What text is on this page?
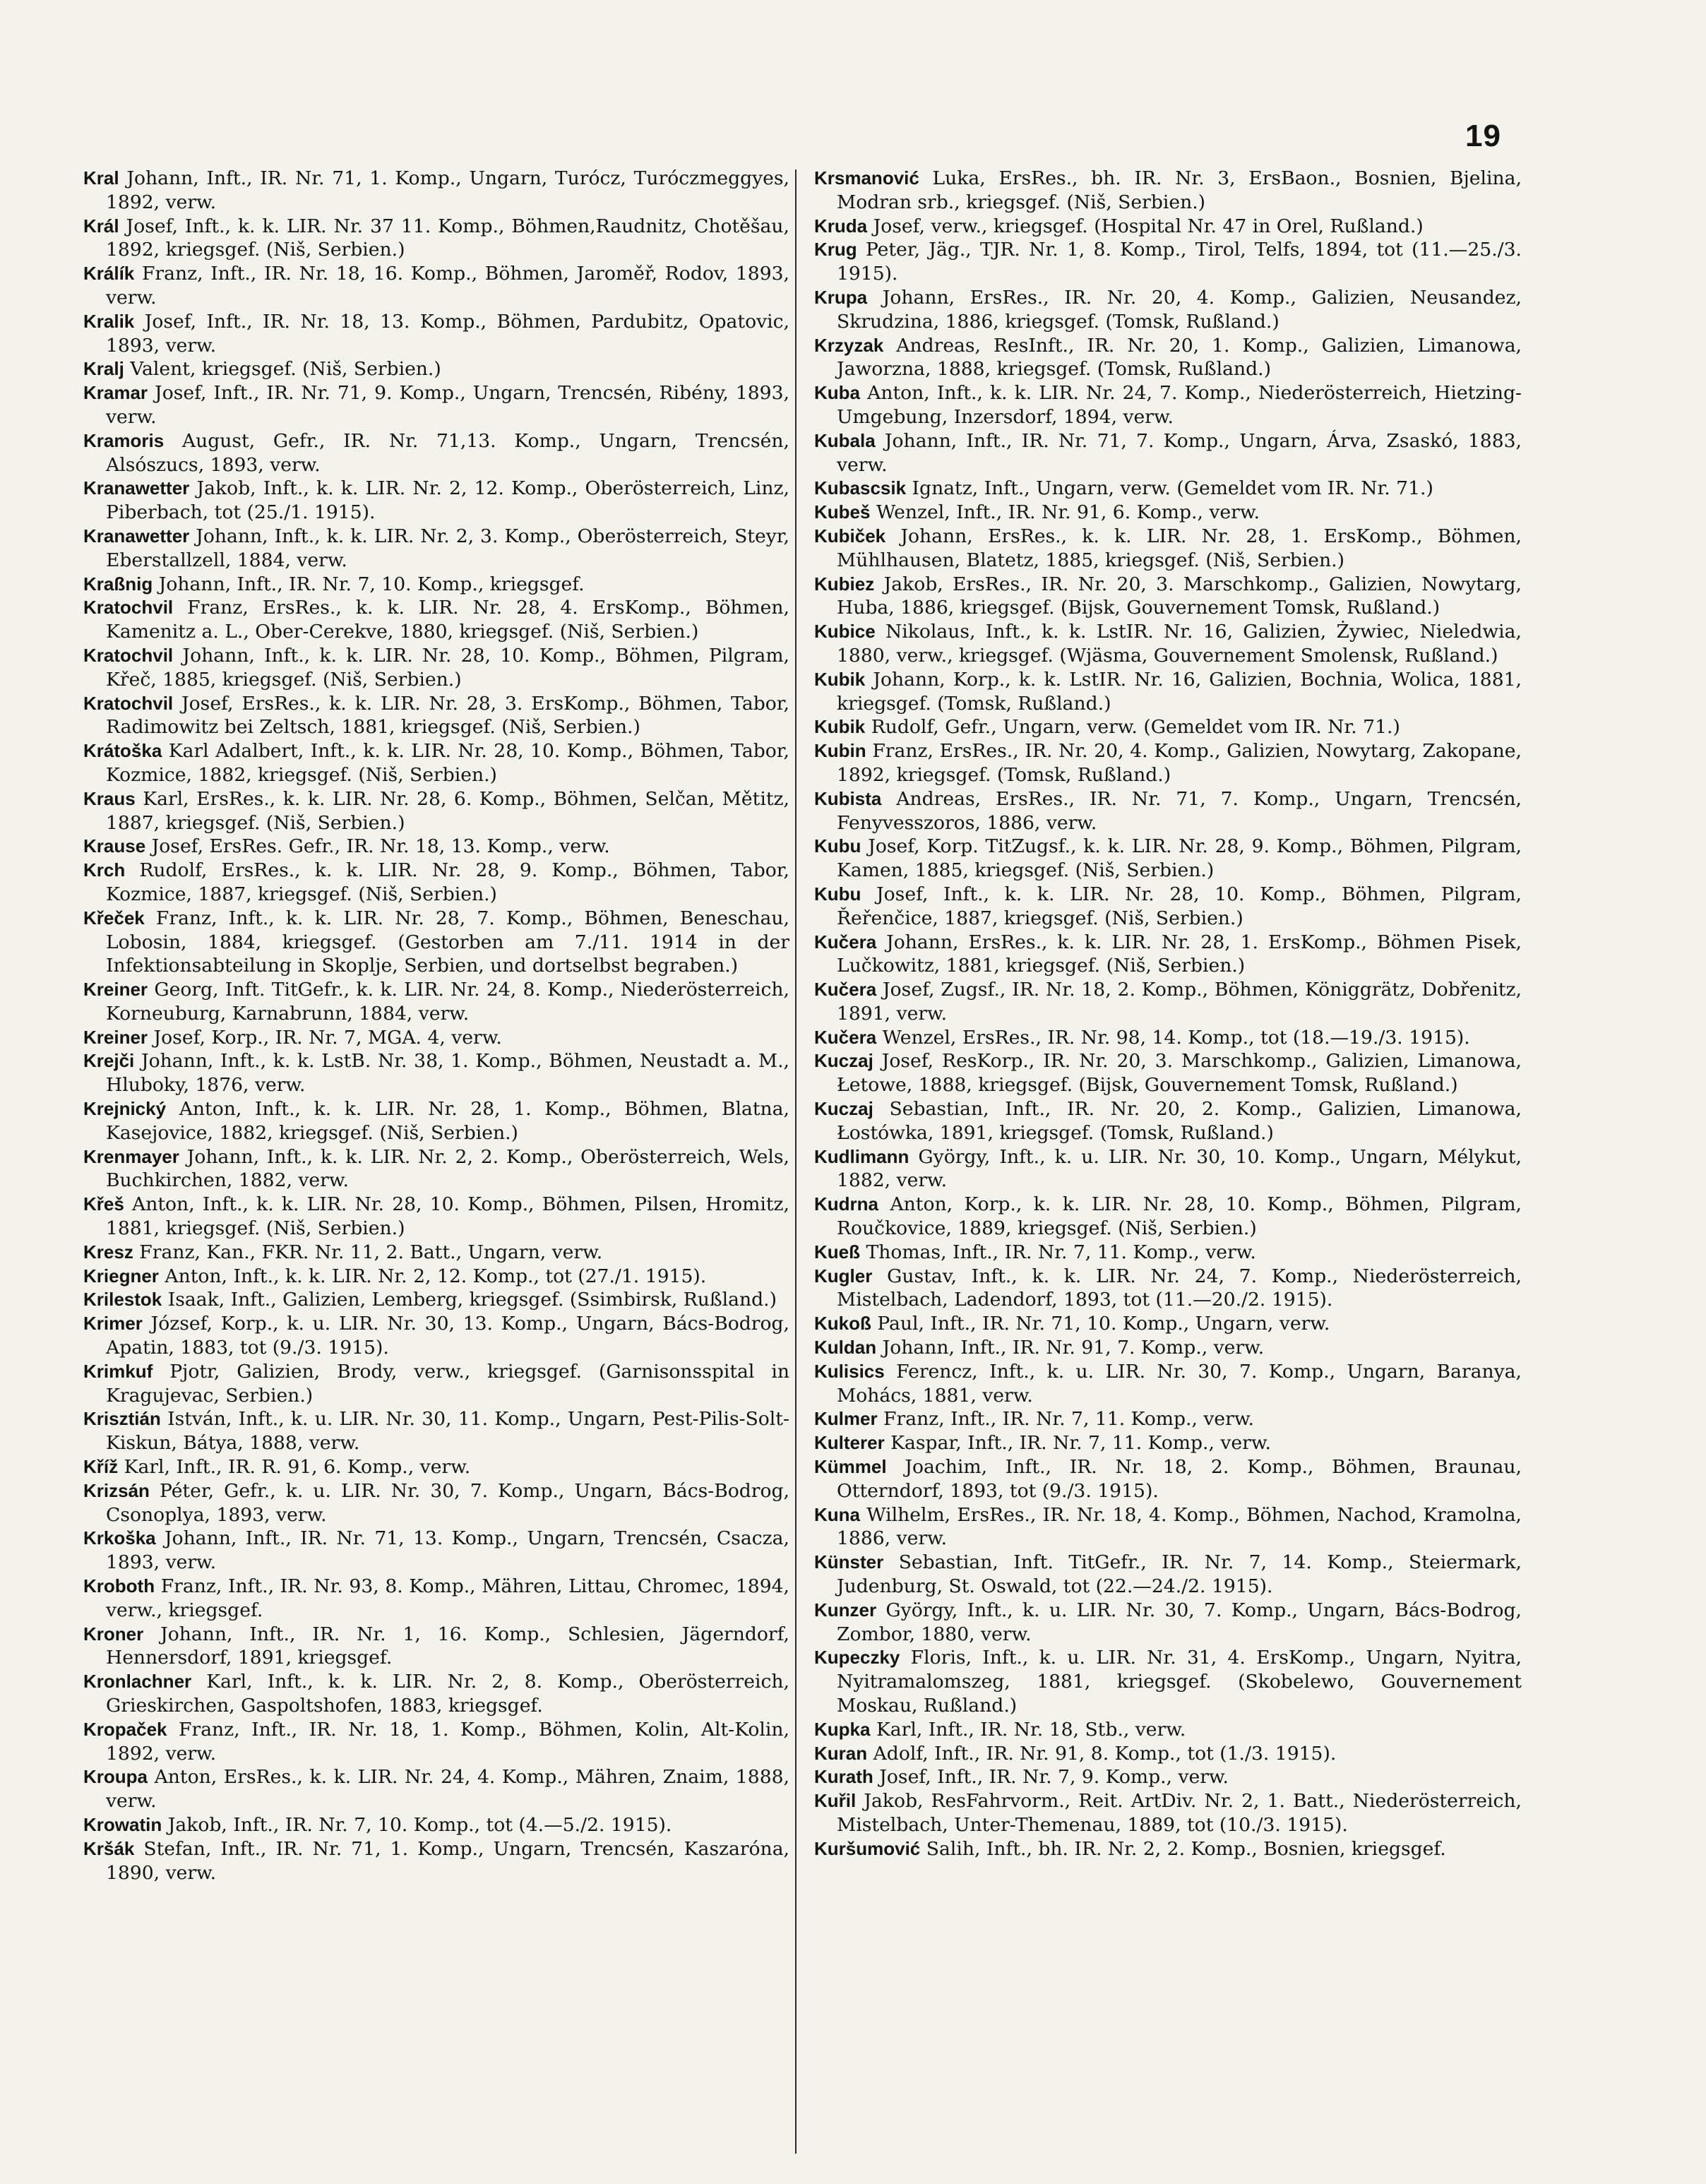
19

Kral Johann, Inft., IR. Nr. 71, 1. Komp., Ungarn, Turócz, Turóczmeggyes, 1892, verw.

Král Josef, Inft., k. k. LIR. Nr. 37 11. Komp., Böhmen,Raudnitz, Chotěšau, 1892, kriegsgef. (Niš, Serbien.)

Králík Franz, Inft., IR. Nr. 18, 16. Komp., Böhmen, Jaroměř, Rodov, 1893, verw.

Kralik Josef, Inft., IR. Nr. 18, 13. Komp., Böhmen, Pardubitz, Opatovic, 1893, verw.

Kralj Valent, kriegsgef. (Niš, Serbien.)

Kramar Josef, Inft., IR. Nr. 71, 9. Komp., Ungarn, Trencsén, Ribény, 1893, verw.

Kramoris August, Gefr., IR. Nr. 71,13. Komp., Ungarn, Trencsén, Alsószucs, 1893, verw.

Kranawetter Jakob, Inft., k. k. LIR. Nr. 2, 12. Komp., Oberösterreich, Linz, Piberbach, tot (25./1. 1915).

Kranawetter Johann, Inft., k. k. LIR. Nr. 2, 3. Komp., Oberösterreich, Steyr, Eberstallzell, 1884, verw.

Kraßnig Johann, Inft., IR. Nr. 7, 10. Komp., kriegsgef.

Kratochvil Franz, ErsRes., k. k. LIR. Nr. 28, 4. ErsKomp., Böhmen, Kamenitz a. L., Ober-Cerekve, 1880, kriegsgef. (Niš, Serbien.)

Kratochvil Johann, Inft., k. k. LIR. Nr. 28, 10. Komp., Böhmen, Pilgram, Křeč, 1885, kriegsgef. (Niš, Serbien.)

Kratochvil Josef, ErsRes., k. k. LIR. Nr. 28, 3. ErsKomp., Böhmen, Tabor, Radimowitz bei Zeltsch, 1881, kriegsgef. (Niš, Serbien.)

Krátoška Karl Adalbert, Inft., k. k. LIR. Nr. 28, 10. Komp., Böhmen, Tabor, Kozmice, 1882, kriegsgef. (Niš, Serbien.)

Kraus Karl, ErsRes., k. k. LIR. Nr. 28, 6. Komp., Böhmen, Selčan, Mětitz, 1887, kriegsgef. (Niš, Serbien.)

Krause Josef, ErsRes. Gefr., IR. Nr. 18, 13. Komp., verw.

Krch Rudolf, ErsRes., k. k. LIR. Nr. 28, 9. Komp., Böhmen, Tabor, Kozmice, 1887, kriegsgef. (Niš, Serbien.)

Křeček Franz, Inft., k. k. LIR. Nr. 28, 7. Komp., Böhmen, Beneschau, Lobosin, 1884, kriegsgef. (Gestorben am 7./11. 1914 in der Infektionsabteilung in Skoplje, Serbien, und dortselbst begraben.)

Kreiner Georg, Inft. TitGefr., k. k. LIR. Nr. 24, 8. Komp., Niederösterreich, Korneuburg, Karnabrunn, 1884, verw.

Kreiner Josef, Korp., IR. Nr. 7, MGA. 4, verw.

Krejči Johann, Inft., k. k. LstB. Nr. 38, 1. Komp., Böhmen, Neustadt a. M., Hluboky, 1876, verw.

Krejnický Anton, Inft., k. k. LIR. Nr. 28, 1. Komp., Böhmen, Blatna, Kasejovice, 1882, kriegsgef. (Niš, Serbien.)

Krenmayer Johann, Inft., k. k. LIR. Nr. 2, 2. Komp., Oberösterreich, Wels, Buchkirchen, 1882, verw.

Křeš Anton, Inft., k. k. LIR. Nr. 28, 10. Komp., Böhmen, Pilsen, Hromitz, 1881, kriegsgef. (Niš, Serbien.)

Kresz Franz, Kan., FKR. Nr. 11, 2. Batt., Ungarn, verw.

Kriegner Anton, Inft., k. k. LIR. Nr. 2, 12. Komp., tot (27./1. 1915).

Krilestok Isaak, Inft., Galizien, Lemberg, kriegsgef. (Ssimbirsk, Rußland.)

Krimer József, Korp., k. u. LIR. Nr. 30, 13. Komp., Ungarn, Bács-Bodrog, Apatin, 1883, tot (9./3. 1915).

Krimkuf Pjotr, Galizien, Brody, verw., kriegsgef. (Garnisonsspital in Kragujevac, Serbien.)

Krisztián István, Inft., k. u. LIR. Nr. 30, 11. Komp., Ungarn, Pest-Pilis-Solt-Kiskun, Bátya, 1888, verw.

Kříž Karl, Inft., IR. R. 91, 6. Komp., verw.

Krizsán Péter, Gefr., k. u. LIR. Nr. 30, 7. Komp., Ungarn, Bács-Bodrog, Csonoplya, 1893, verw.

Krkoška Johann, Inft., IR. Nr. 71, 13. Komp., Ungarn, Trencsén, Csacza, 1893, verw.

Kroboth Franz, Inft., IR. Nr. 93, 8. Komp., Mähren, Littau, Chromec, 1894, verw., kriegsgef.

Kroner Johann, Inft., IR. Nr. 1, 16. Komp., Schlesien, Jägerndorf, Hennersdorf, 1891, kriegsgef.

Kronlachner Karl, Inft., k. k. LIR. Nr. 2, 8. Komp., Oberösterreich, Grieskirchen, Gaspoltshofen, 1883, kriegsgef.

Kropaček Franz, Inft., IR. Nr. 18, 1. Komp., Böhmen, Kolin, Alt-Kolin, 1892, verw.

Kroupa Anton, ErsRes., k. k. LIR. Nr. 24, 4. Komp., Mähren, Znaim, 1888, verw.

Krowatin Jakob, Inft., IR. Nr. 7, 10. Komp., tot (4.—5./2. 1915).

Kršák Stefan, Inft., IR. Nr. 71, 1. Komp., Ungarn, Trencsén, Kaszaróna, 1890, verw.

Krsmanović Luka, ErsRes., bh. IR. Nr. 3, ErsBaon., Bosnien, Bjelina, Modran srb., kriegsgef. (Niš, Serbien.)

Kruda Josef, verw., kriegsgef. (Hospital Nr. 47 in Orel, Rußland.)

Krug Peter, Jäg., TJR. Nr. 1, 8. Komp., Tirol, Telfs, 1894, tot (11.—25./3. 1915).

Krupa Johann, ErsRes., IR. Nr. 20, 4. Komp., Galizien, Neusandez, Skrudzina, 1886, kriegsgef. (Tomsk, Rußland.)

Krzyzak Andreas, ResInft., IR. Nr. 20, 1. Komp., Galizien, Limanowa, Jaworzna, 1888, kriegsgef. (Tomsk, Rußland.)

Kuba Anton, Inft., k. k. LIR. Nr. 24, 7. Komp., Niederösterreich, Hietzing-Umgebung, Inzersdorf, 1894, verw.

Kubala Johann, Inft., IR. Nr. 71, 7. Komp., Ungarn, Árva, Zsaskó, 1883, verw.

Kubascsik Ignatz, Inft., Ungarn, verw. (Gemeldet vom IR. Nr. 71.)

Kubeš Wenzel, Inft., IR. Nr. 91, 6. Komp., verw.

Kubiček Johann, ErsRes., k. k. LIR. Nr. 28, 1. ErsKomp., Böhmen, Mühlhausen, Blatetz, 1885, kriegsgef. (Niš, Serbien.)

Kubiez Jakob, ErsRes., IR. Nr. 20, 3. Marschkomp., Galizien, Nowytarg, Huba, 1886, kriegsgef. (Bijsk, Gouvernement Tomsk, Rußland.)

Kubice Nikolaus, Inft., k. k. LstIR. Nr. 16, Galizien, Żywiec, Nieledwia, 1880, verw., kriegsgef. (Wjäsma, Gouvernement Smolensk, Rußland.)

Kubik Johann, Korp., k. k. LstIR. Nr. 16, Galizien, Bochnia, Wolica, 1881, kriegsgef. (Tomsk, Rußland.)

Kubik Rudolf, Gefr., Ungarn, verw. (Gemeldet vom IR. Nr. 71.)

Kubin Franz, ErsRes., IR. Nr. 20, 4. Komp., Galizien, Nowytarg, Zakopane, 1892, kriegsgef. (Tomsk, Rußland.)

Kubista Andreas, ErsRes., IR. Nr. 71, 7. Komp., Ungarn, Trencsén, Fenyvesszoros, 1886, verw.

Kubu Josef, Korp. TitZugsf., k. k. LIR. Nr. 28, 9. Komp., Böhmen, Pilgram, Kamen, 1885, kriegsgef. (Niš, Serbien.)

Kubu Josef, Inft., k. k. LIR. Nr. 28, 10. Komp., Böhmen, Pilgram, Řeřenčice, 1887, kriegsgef. (Niš, Serbien.)

Kučera Johann, ErsRes., k. k. LIR. Nr. 28, 1. ErsKomp., Böhmen Pisek, Lučkowitz, 1881, kriegsgef. (Niš, Serbien.)

Kučera Josef, Zugsf., IR. Nr. 18, 2. Komp., Böhmen, Königgrätz, Dobřenitz, 1891, verw.

Kučera Wenzel, ErsRes., IR. Nr. 98, 14. Komp., tot (18.—19./3. 1915).

Kuczaj Josef, ResKorp., IR. Nr. 20, 3. Marschkomp., Galizien, Limanowa, Łetowe, 1888, kriegsgef. (Bijsk, Gouvernement Tomsk, Rußland.)

Kuczaj Sebastian, Inft., IR. Nr. 20, 2. Komp., Galizien, Limanowa, Łostówka, 1891, kriegsgef. (Tomsk, Rußland.)

Kudlimann György, Inft., k. u. LIR. Nr. 30, 10. Komp., Ungarn, Mélykut, 1882, verw.

Kudrna Anton, Korp., k. k. LIR. Nr. 28, 10. Komp., Böhmen, Pilgram, Roučkovice, 1889, kriegsgef. (Niš, Serbien.)

Kueß Thomas, Inft., IR. Nr. 7, 11. Komp., verw.

Kugler Gustav, Inft., k. k. LIR. Nr. 24, 7. Komp., Niederösterreich, Mistelbach, Ladendorf, 1893, tot (11.—20./2. 1915).

Kukoß Paul, Inft., IR. Nr. 71, 10. Komp., Ungarn, verw.

Kuldan Johann, Inft., IR. Nr. 91, 7. Komp., verw.

Kulisics Ferencz, Inft., k. u. LIR. Nr. 30, 7. Komp., Ungarn, Baranya, Mohács, 1881, verw.

Kulmer Franz, Inft., IR. Nr. 7, 11. Komp., verw.

Kulterer Kaspar, Inft., IR. Nr. 7, 11. Komp., verw.

Kümmel Joachim, Inft., IR. Nr. 18, 2. Komp., Böhmen, Braunau, Otterndorf, 1893, tot (9./3. 1915).

Kuna Wilhelm, ErsRes., IR. Nr. 18, 4. Komp., Böhmen, Nachod, Kramolna, 1886, verw.

Künster Sebastian, Inft. TitGefr., IR. Nr. 7, 14. Komp., Steiermark, Judenburg, St. Oswald, tot (22.—24./2. 1915).

Kunzer György, Inft., k. u. LIR. Nr. 30, 7. Komp., Ungarn, Bács-Bodrog, Zombor, 1880, verw.

Kupeczky Floris, Inft., k. u. LIR. Nr. 31, 4. ErsKomp., Ungarn, Nyitra, Nyitramalomszeg, 1881, kriegsgef. (Skobelewo, Gouvernement Moskau, Rußland.)

Kupka Karl, Inft., IR. Nr. 18, Stb., verw.

Kuran Adolf, Inft., IR. Nr. 91, 8. Komp., tot (1./3. 1915).

Kurath Josef, Inft., IR. Nr. 7, 9. Komp., verw.

Kuřil Jakob, ResFahrvorm., Reit. ArtDiv. Nr. 2, 1. Batt., Niederösterreich, Mistelbach, Unter-Themenau, 1889, tot (10./3. 1915).

Kuršumović Salih, Inft., bh. IR. Nr. 2, 2. Komp., Bosnien, kriegsgef.
